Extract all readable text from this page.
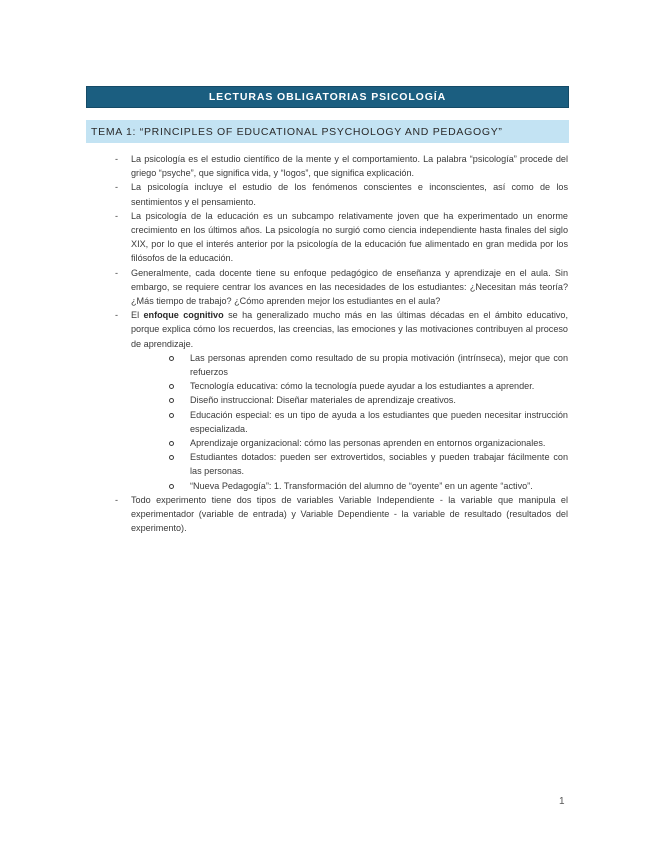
LECTURAS OBLIGATORIAS PSICOLOGÍA
TEMA 1: “PRINCIPLES OF EDUCATIONAL PSYCHOLOGY AND PEDAGOGY”
- La psicología es el estudio científico de la mente y el comportamiento. La palabra “psicología” procede del griego “psyche”, que significa vida, y “logos”, que significa explicación.
- La psicología incluye el estudio de los fenómenos conscientes e inconscientes, así como de los sentimientos y el pensamiento.
- La psicología de la educación es un subcampo relativamente joven que ha experimentado un enorme crecimiento en los últimos años. La psicología no surgió como ciencia independiente hasta finales del siglo XIX, por lo que el interés anterior por la psicología de la educación fue alimentado en gran medida por los filósofos de la educación.
- Generalmente, cada docente tiene su enfoque pedagógico de enseñanza y aprendizaje en el aula. Sin embargo, se requiere centrar los avances en las necesidades de los estudiantes: ¿Necesitan más teoría? ¿Más tiempo de trabajo? ¿Cómo aprenden mejor los estudiantes en el aula?
- El enfoque cognitivo se ha generalizado mucho más en las últimas décadas en el ámbito educativo, porque explica cómo los recuerdos, las creencias, las emociones y las motivaciones contribuyen al proceso de aprendizaje.
Las personas aprenden como resultado de su propia motivación (intrínseca), mejor que con refuerzos
Tecnología educativa: cómo la tecnología puede ayudar a los estudiantes a aprender.
Diseño instruccional: Diseñar materiales de aprendizaje creativos.
Educación especial: es un tipo de ayuda a los estudiantes que pueden necesitar instrucción especializada.
Aprendizaje organizacional: cómo las personas aprenden en entornos organizacionales.
Estudiantes dotados: pueden ser extrovertidos, sociables y pueden trabajar fácilmente con las personas.
“Nueva Pedagogía”: 1. Transformación del alumno de “oyente” en un agente “activo”.
- Todo experimento tiene dos tipos de variables Variable Independiente - la variable que manipula el experimentador (variable de entrada) y Variable Dependiente - la variable de resultado (resultados del experimento).
1
